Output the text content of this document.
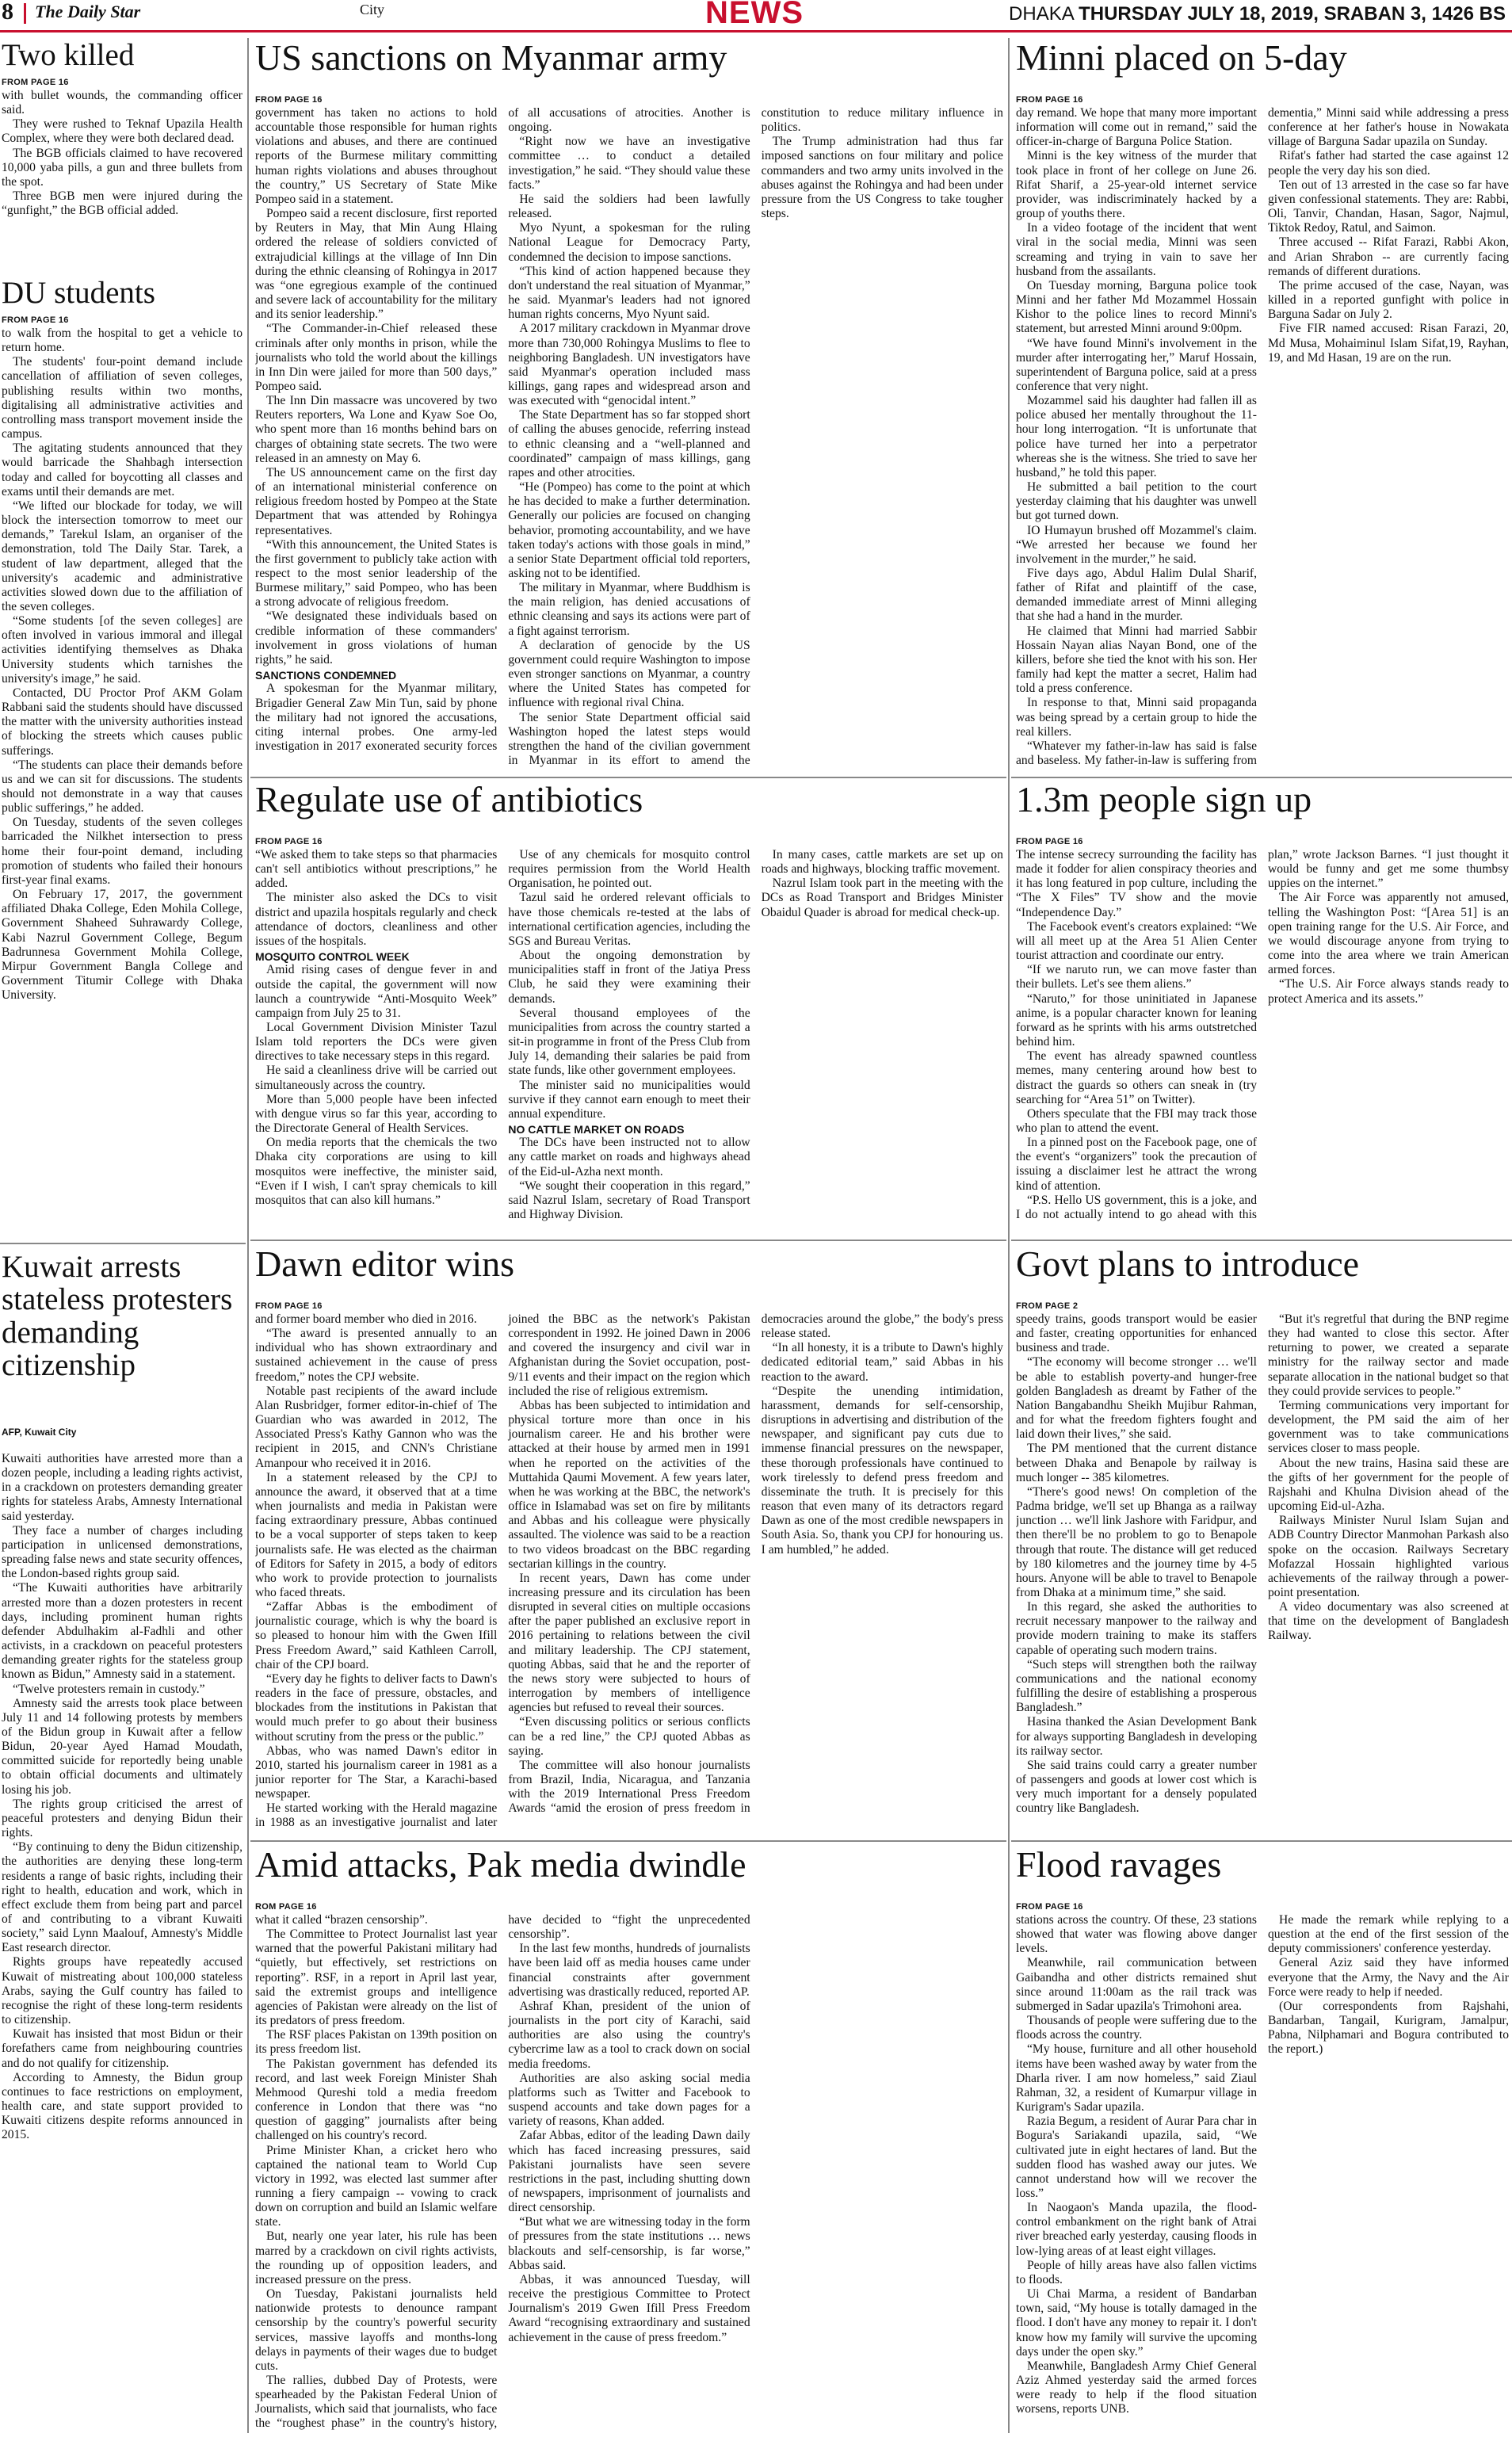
8 The Daily Star	City	NEWS	DHAKA THURSDAY JULY 18, 2019, SRABAN 3, 1426 BS
Two killed
FROM PAGE 16

with bullet wounds, the commanding officer said.

They were rushed to Teknaf Upazila Health Complex, where they were both declared dead.

The BGB officials claimed to have recovered 10,000 yaba pills, a gun and three bullets from the spot.

Three BGB men were injured during the “gunfight,” the BGB official added.

DU students
FROM PAGE 16

to walk from the hospital to get a vehicle to return home.

The students' four-point demand include cancellation of affiliation of seven colleges, publishing results within two months, digitalising all administrative activities and controlling mass transport movement inside the campus.

The agitating students announced that they would barricade the Shahbagh intersection today and called for boycotting all classes and exams until their demands are met.

“We lifted our blockade for today, we will block the intersection tomorrow to meet our demands,” Tarekul Islam, an organiser of the demonstration, told The Daily Star. Tarek, a student of law department, alleged that the university's academic and administrative activities slowed down due to the affiliation of the seven colleges.

“Some students [of the seven colleges] are often involved in various immoral and illegal activities identifying themselves as Dhaka University students which tarnishes the university's image,” he said.

Contacted, DU Proctor Prof AKM Golam Rabbani said the students should have discussed the matter with the university authorities instead of blocking the streets which causes public sufferings.

“The students can place their demands before us and we can sit for discussions. The students should not demonstrate in a way that causes public sufferings,” he added.

On Tuesday, students of the seven colleges barricaded the Nilkhet intersection to press home their four-point demand, including promotion of students who failed their honours first-year final exams.

On February 17, 2017, the government affiliated Dhaka College, Eden Mohila College, Government Shaheed Suhrawardy College, Kabi Nazrul Government College, Begum Badrunnesa Government Mohila College, Mirpur Government Bangla College and Government Titumir College with Dhaka University.

Kuwait arrests stateless protesters demanding citizenship
AFP, Kuwait City

Kuwaiti authorities have arrested more than a dozen people, including a leading rights activist, in a crackdown on protesters demanding greater rights for stateless Arabs, Amnesty International said yesterday.

They face a number of charges including participation in unlicensed demonstrations, spreading false news and state security offences, the London-based rights group said.

“The Kuwaiti authorities have arbitrarily arrested more than a dozen protesters in recent days, including prominent human rights defender Abdulhakim al-Fadhli and other activists, in a crackdown on peaceful protesters demanding greater rights for the stateless group known as Bidun,” Amnesty said in a statement.

“Twelve protesters remain in custody.”

Amnesty said the arrests took place between July 11 and 14 following protests by members of the Bidun group in Kuwait after a fellow Bidun, 20-year Ayed Hamad Moudath, committed suicide for reportedly being unable to obtain official documents and ultimately losing his job.

The rights group criticised the arrest of peaceful protesters and denying Bidun their rights.

“By continuing to deny the Bidun citizenship, the authorities are denying these long-term residents a range of basic rights, including their right to health, education and work, which in effect exclude them from being part and parcel of and contributing to a vibrant Kuwaiti society,” said Lynn Maalouf, Amnesty's Middle East research director.

Rights groups have repeatedly accused Kuwait of mistreating about 100,000 stateless Arabs, saying the Gulf country has failed to recognise the right of these long-term residents to citizenship.

Kuwait has insisted that most Bidun or their forefathers came from neighbouring countries and do not qualify for citizenship.

According to Amnesty, the Bidun group continues to face restrictions on employment, health care, and state support provided to Kuwaiti citizens despite reforms announced in 2015.

US sanctions on Myanmar army
FROM PAGE 16

government has taken no actions to hold accountable those responsible for human rights violations and abuses, and there are continued reports of the Burmese military committing human rights violations and abuses throughout the country,” US Secretary of State Mike Pompeo said in a statement.

Pompeo said a recent disclosure, first reported by Reuters in May, that Min Aung Hlaing ordered the release of soldiers convicted of extrajudicial killings at the village of Inn Din during the ethnic cleansing of Rohingya in 2017 was “one egregious example of the continued and severe lack of accountability for the military and its senior leadership.”

“The Commander-in-Chief released these criminals after only months in prison, while the journalists who told the world about the killings in Inn Din were jailed for more than 500 days,” Pompeo said.

The Inn Din massacre was uncovered by two Reuters reporters, Wa Lone and Kyaw Soe Oo, who spent more than 16 months behind bars on charges of obtaining state secrets. The two were released in an amnesty on May 6.

The US announcement came on the first day of an international ministerial conference on religious freedom hosted by Pompeo at the State Department that was attended by Rohingya representatives.

“With this announcement, the United States is the first government to publicly take action with respect to the most senior leadership of the Burmese military,” said Pompeo, who has been a strong advocate of religious freedom.

“We designated these individuals based on credible information of these commanders' involvement in gross violations of human rights,” he said.

SANCTIONS CONDEMNED

A spokesman for the Myanmar military, Brigadier General Zaw Min Tun, said by phone the military had not ignored the accusations, citing internal probes. One army-led investigation in 2017 exonerated security forces of all accusations of atrocities. Another is ongoing.

“Right now we have an investigative committee … to conduct a detailed investigation,” he said. “They should value these facts.”

He said the soldiers had been lawfully released.

Myo Nyunt, a spokesman for the ruling National League for Democracy Party, condemned the decision to impose sanctions.

“This kind of action happened because they don't understand the real situation of Myanmar,” he said. Myanmar's leaders had not ignored human rights concerns, Myo Nyunt said.

A 2017 military crackdown in Myanmar drove more than 730,000 Rohingya Muslims to flee to neighboring Bangladesh. UN investigators have said Myanmar's operation included mass killings, gang rapes and widespread arson and was executed with “genocidal intent.”

The State Department has so far stopped short of calling the abuses genocide, referring instead to ethnic cleansing and a “well-planned and coordinated” campaign of mass killings, gang rapes and other atrocities.

“He (Pompeo) has come to the point at which he has decided to make a further determination. Generally our policies are focused on changing behavior, promoting accountability, and we have taken today's actions with those goals in mind,” a senior State Department official told reporters, asking not to be identified.

The military in Myanmar, where Buddhism is the main religion, has denied accusations of ethnic cleansing and says its actions were part of a fight against terrorism.

A declaration of genocide by the US government could require Washington to impose even stronger sanctions on Myanmar, a country where the United States has competed for influence with regional rival China.

The senior State Department official said Washington hoped the latest steps would strengthen the hand of the civilian government in Myanmar in its effort to amend the constitution to reduce military influence in politics.

The Trump administration had thus far imposed sanctions on four military and police commanders and two army units involved in the abuses against the Rohingya and had been under pressure from the US Congress to take tougher steps.

Minni placed on 5-day
FROM PAGE 16

day remand. We hope that many more important information will come out in remand,” said the officer-in-charge of Barguna Police Station.

Minni is the key witness of the murder that took place in front of her college on June 26. Rifat Sharif, a 25-year-old internet service provider, was indiscriminately hacked by a group of youths there.

In a video footage of the incident that went viral in the social media, Minni was seen screaming and trying in vain to save her husband from the assailants.

On Tuesday morning, Barguna police took Minni and her father Md Mozammel Hossain Kishor to the police lines to record Minni's statement, but arrested Minni around 9:00pm.

“We have found Minni's involvement in the murder after interrogating her,” Maruf Hossain, superintendent of Barguna police, said at a press conference that very night.

Mozammel said his daughter had fallen ill as police abused her mentally throughout the 11-hour long interrogation. “It is unfortunate that police have turned her into a perpetrator whereas she is the witness. She tried to save her husband,” he told this paper.

He submitted a bail petition to the court yesterday claiming that his daughter was unwell but got turned down.

IO Humayun brushed off Mozammel's claim. “We arrested her because we found her involvement in the murder,” he said.

Five days ago, Abdul Halim Dulal Sharif, father of Rifat and plaintiff of the case, demanded immediate arrest of Minni alleging that she had a hand in the murder.

He claimed that Minni had married Sabbir Hossain Nayan alias Nayan Bond, one of the killers, before she tied the knot with his son. Her family had kept the matter a secret, Halim had told a press conference.

In response to that, Minni said propaganda was being spread by a certain group to hide the real killers.

“Whatever my father-in-law has said is false and baseless. My father-in-law is suffering from dementia,” Minni said while addressing a press conference at her father's house in Nowakata village of Barguna Sadar upazila on Sunday.

Rifat's father had started the case against 12 people the very day his son died.

Ten out of 13 arrested in the case so far have given confessional statements. They are: Rabbi, Oli, Tanvir, Chandan, Hasan, Sagor, Najmul, Tiktok Redoy, Ratul, and Saimon.

Three accused -- Rifat Farazi, Rabbi Akon, and Arian Shrabon -- are currently facing remands of different durations.

The prime accused of the case, Nayan, was killed in a reported gunfight with police in Barguna Sadar on July 2.

Five FIR named accused: Risan Farazi, 20, Md Musa, Mohaiminul Islam Sifat,19, Rayhan, 19, and Md Hasan, 19 are on the run.

Regulate use of antibiotics
FROM PAGE 16

“We asked them to take steps so that pharmacies can't sell antibiotics without prescriptions,” he added.

The minister also asked the DCs to visit district and upazila hospitals regularly and check attendance of doctors, cleanliness and other issues of the hospitals.

MOSQUITO CONTROL WEEK

Amid rising cases of dengue fever in and outside the capital, the government will now launch a countrywide “Anti-Mosquito Week” campaign from July 25 to 31.

Local Government Division Minister Tazul Islam told reporters the DCs were given directives to take necessary steps in this regard.

He said a cleanliness drive will be carried out simultaneously across the country.

More than 5,000 people have been infected with dengue virus so far this year, according to the Directorate General of Health Services.

On media reports that the chemicals the two Dhaka city corporations are using to kill mosquitos were ineffective, the minister said, “Even if I wish, I can't spray chemicals to kill mosquitos that can also kill humans.”

Use of any chemicals for mosquito control requires permission from the World Health Organisation, he pointed out.

Tazul said he ordered relevant officials to have those chemicals re-tested at the labs of international certification agencies, including the SGS and Bureau Veritas.

About the ongoing demonstration by municipalities staff in front of the Jatiya Press Club, he said they were examining their demands.

Several thousand employees of the municipalities from across the country started a sit-in programme in front of the Press Club from July 14, demanding their salaries be paid from state funds, like other government employees.

The minister said no municipalities would survive if they cannot earn enough to meet their annual expenditure.

NO CATTLE MARKET ON ROADS

The DCs have been instructed not to allow any cattle market on roads and highways ahead of the Eid-ul-Azha next month.

“We sought their cooperation in this regard,” said Nazrul Islam, secretary of Road Transport and Highway Division.

In many cases, cattle markets are set up on roads and highways, blocking traffic movement.

Nazrul Islam took part in the meeting with the DCs as Road Transport and Bridges Minister Obaidul Quader is abroad for medical check-up.

1.3m people sign up
FROM PAGE 16

The intense secrecy surrounding the facility has made it fodder for alien conspiracy theories and it has long featured in pop culture, including the “The X Files” TV show and the movie “Independence Day.”

The Facebook event's creators explained: “We will all meet up at the Area 51 Alien Center tourist attraction and coordinate our entry.

“If we naruto run, we can move faster than their bullets. Let's see them aliens.”

“Naruto,” for those uninitiated in Japanese anime, is a popular character known for leaning forward as he sprints with his arms outstretched behind him.

The event has already spawned countless memes, many centering around how best to distract the guards so others can sneak in (try searching for “Area 51” on Twitter).

Others speculate that the FBI may track those who plan to attend the event.

In a pinned post on the Facebook page, one of the event's “organizers” took the precaution of issuing a disclaimer lest he attract the wrong kind of attention.

“P.S. Hello US government, this is a joke, and I do not actually intend to go ahead with this plan,” wrote Jackson Barnes. “I just thought it would be funny and get me some thumbsy uppies on the internet.”

The Air Force was apparently not amused, telling the Washington Post: “[Area 51] is an open training range for the U.S. Air Force, and we would discourage anyone from trying to come into the area where we train American armed forces.

“The U.S. Air Force always stands ready to protect America and its assets.”

Dawn editor wins
FROM PAGE 16

and former board member who died in 2016.

“The award is presented annually to an individual who has shown extraordinary and sustained achievement in the cause of press freedom,” notes the CPJ website.

Notable past recipients of the award include Alan Rusbridger, former editor-in-chief of The Guardian who was awarded in 2012, The Associated Press's Kathy Gannon who was the recipient in 2015, and CNN's Christiane Amanpour who received it in 2016.

In a statement released by the CPJ to announce the award, it observed that at a time when journalists and media in Pakistan were facing extraordinary pressure, Abbas continued to be a vocal supporter of steps taken to keep journalists safe. He was elected as the chairman of Editors for Safety in 2015, a body of editors who work to provide protection to journalists who faced threats.

“Zaffar Abbas is the embodiment of journalistic courage, which is why the board is so pleased to honour him with the Gwen Ifill Press Freedom Award,” said Kathleen Carroll, chair of the CPJ board.

“Every day he fights to deliver facts to Dawn's readers in the face of pressure, obstacles, and blockades from the institutions in Pakistan that would much prefer to go about their business without scrutiny from the press or the public.”

Abbas, who was named Dawn's editor in 2010, started his journalism career in 1981 as a junior reporter for The Star, a Karachi-based newspaper.

He started working with the Herald magazine in 1988 as an investigative journalist and later joined the BBC as the network's Pakistan correspondent in 1992. He joined Dawn in 2006 and covered the insurgency and civil war in Afghanistan during the Soviet occupation, post-9/11 events and their impact on the region which included the rise of religious extremism.

Abbas has been subjected to intimidation and physical torture more than once in his journalism career. He and his brother were attacked at their house by armed men in 1991 when he reported on the activities of the Muttahida Qaumi Movement. A few years later, when he was working at the BBC, the network's office in Islamabad was set on fire by militants and Abbas and his colleague were physically assaulted. The violence was said to be a reaction to two videos broadcast on the BBC regarding sectarian killings in the country.

In recent years, Dawn has come under increasing pressure and its circulation has been disrupted in several cities on multiple occasions after the paper published an exclusive report in 2016 pertaining to relations between the civil and military leadership. The CPJ statement, quoting Abbas, said that he and the reporter of the news story were subjected to hours of interrogation by members of intelligence agencies but refused to reveal their sources.

“Even discussing politics or serious conflicts can be a red line,” the CPJ quoted Abbas as saying.

The committee will also honour journalists from Brazil, India, Nicaragua, and Tanzania with the 2019 International Press Freedom Awards “amid the erosion of press freedom in democracies around the globe,” the body's press release stated.

“In all honesty, it is a tribute to Dawn's highly dedicated editorial team,” said Abbas in his reaction to the award.

“Despite the unending intimidation, harassment, demands for self-censorship, disruptions in advertising and distribution of the newspaper, and significant pay cuts due to immense financial pressures on the newspaper, these thorough professionals have continued to work tirelessly to defend press freedom and disseminate the truth. It is precisely for this reason that even many of its detractors regard Dawn as one of the most credible newspapers in South Asia. So, thank you CPJ for honouring us. I am humbled,” he added.

Govt plans to introduce
FROM PAGE 2

speedy trains, goods transport would be easier and faster, creating opportunities for enhanced business and trade.

“The economy will become stronger … we'll be able to establish poverty-and hunger-free golden Bangladesh as dreamt by Father of the Nation Bangabandhu Sheikh Mujibur Rahman, and for what the freedom fighters fought and laid down their lives,” she said.

The PM mentioned that the current distance between Dhaka and Benapole by railway is much longer -- 385 kilometres.

“There's good news! On completion of the Padma bridge, we'll set up Bhanga as a railway junction … we'll link Jashore with Faridpur, and then there'll be no problem to go to Benapole through that route. The distance will get reduced by 180 kilometres and the journey time by 4-5 hours. Anyone will be able to travel to Benapole from Dhaka at a minimum time,” she said.

In this regard, she asked the authorities to recruit necessary manpower to the railway and provide modern training to make its staffers capable of operating such modern trains.

“Such steps will strengthen both the railway communications and the national economy fulfilling the desire of establishing a prosperous Bangladesh.”

Hasina thanked the Asian Development Bank for always supporting Bangladesh in developing its railway sector.

She said trains could carry a greater number of passengers and goods at lower cost which is very much important for a densely populated country like Bangladesh.

“But it's regretful that during the BNP regime they had wanted to close this sector. After returning to power, we created a separate ministry for the railway sector and made separate allocation in the national budget so that they could provide services to people.”

Terming communications very important for development, the PM said the aim of her government was to take communications services closer to mass people.

About the new trains, Hasina said these are the gifts of her government for the people of Rajshahi and Khulna Division ahead of the upcoming Eid-ul-Azha.

Railways Minister Nurul Islam Sujan and ADB Country Director Manmohan Parkash also spoke on the occasion. Railways Secretary Mofazzal Hossain highlighted various achievements of the railway through a power-point presentation.

A video documentary was also screened at that time on the development of Bangladesh Railway.

Amid attacks, Pak media dwindle
ROM PAGE 16

what it called “brazen censorship”.

The Committee to Protect Journalist last year warned that the powerful Pakistani military had “quietly, but effectively, set restrictions on reporting”. RSF, in a report in April last year, said the extremist groups and intelligence agencies of Pakistan were already on the list of its predators of press freedom.

The RSF places Pakistan on 139th position on its press freedom list.

The Pakistan government has defended its record, and last week Foreign Minister Shah Mehmood Qureshi told a media freedom conference in London that there was “no question of gagging” journalists after being challenged on his country's record.

Prime Minister Khan, a cricket hero who captained the national team to World Cup victory in 1992, was elected last summer after running a fiery campaign -- vowing to crack down on corruption and build an Islamic welfare state.

But, nearly one year later, his rule has been marred by a crackdown on civil rights activists, the rounding up of opposition leaders, and increased pressure on the press.

On Tuesday, Pakistani journalists held nationwide protests to denounce rampant censorship by the country's powerful security services, massive layoffs and months-long delays in payments of their wages due to budget cuts.

The rallies, dubbed Day of Protests, were spearheaded by the Pakistan Federal Union of Journalists, which said that journalists, who face the “roughest phase” in the country's history, have decided to “fight the unprecedented censorship”.

In the last few months, hundreds of journalists have been laid off as media houses came under financial constraints after government advertising was drastically reduced, reported AP.

Ashraf Khan, president of the union of journalists in the port city of Karachi, said authorities are also using the country's cybercrime law as a tool to crack down on social media freedoms.

Authorities are also asking social media platforms such as Twitter and Facebook to suspend accounts and take down pages for a variety of reasons, Khan added.

Zafar Abbas, editor of the leading Dawn daily which has faced increasing pressures, said Pakistani journalists have seen severe restrictions in the past, including shutting down of newspapers, imprisonment of journalists and direct censorship.

“But what we are witnessing today in the form of pressures from the state institutions … news blackouts and self-censorship, is far worse,” Abbas said.

Abbas, it was announced Tuesday, will receive the prestigious Committee to Protect Journalism's 2019 Gwen Ifill Press Freedom Award “recognising extraordinary and sustained achievement in the cause of press freedom.”

Flood ravages
FROM PAGE 16

stations across the country. Of these, 23 stations showed that water was flowing above danger levels.

Meanwhile, rail communication between Gaibandha and other districts remained shut since around 11:00am as the rail track was submerged in Sadar upazila's Trimohoni area.

Thousands of people were suffering due to the floods across the country.

“My house, furniture and all other household items have been washed away by water from the Dharla river. I am now homeless,” said Ziaul Rahman, 32, a resident of Kumarpur village in Kurigram's Sadar upazila.

Razia Begum, a resident of Aurar Para char in Bogura's Sariakandi upazila, said, “We cultivated jute in eight hectares of land. But the sudden flood has washed away our jutes. We cannot understand how will we recover the loss.”

In Naogaon's Manda upazila, the flood-control embankment on the right bank of Atrai river breached early yesterday, causing floods in low-lying areas of at least eight villages.

People of hilly areas have also fallen victims to floods.

Ui Chai Marma, a resident of Bandarban town, said, “My house is totally damaged in the flood. I don't have any money to repair it. I don't know how my family will survive the upcoming days under the open sky.”

Meanwhile, Bangladesh Army Chief General Aziz Ahmed yesterday said the armed forces were ready to help if the flood situation worsens, reports UNB.

He made the remark while replying to a question at the end of the first session of the deputy commissioners' conference yesterday.

General Aziz said they have informed everyone that the Army, the Navy and the Air Force were ready to help if needed.

(Our correspondents from Rajshahi, Bandarban, Tangail, Kurigram, Jamalpur, Pabna, Nilphamari and Bogura contributed to the report.)
